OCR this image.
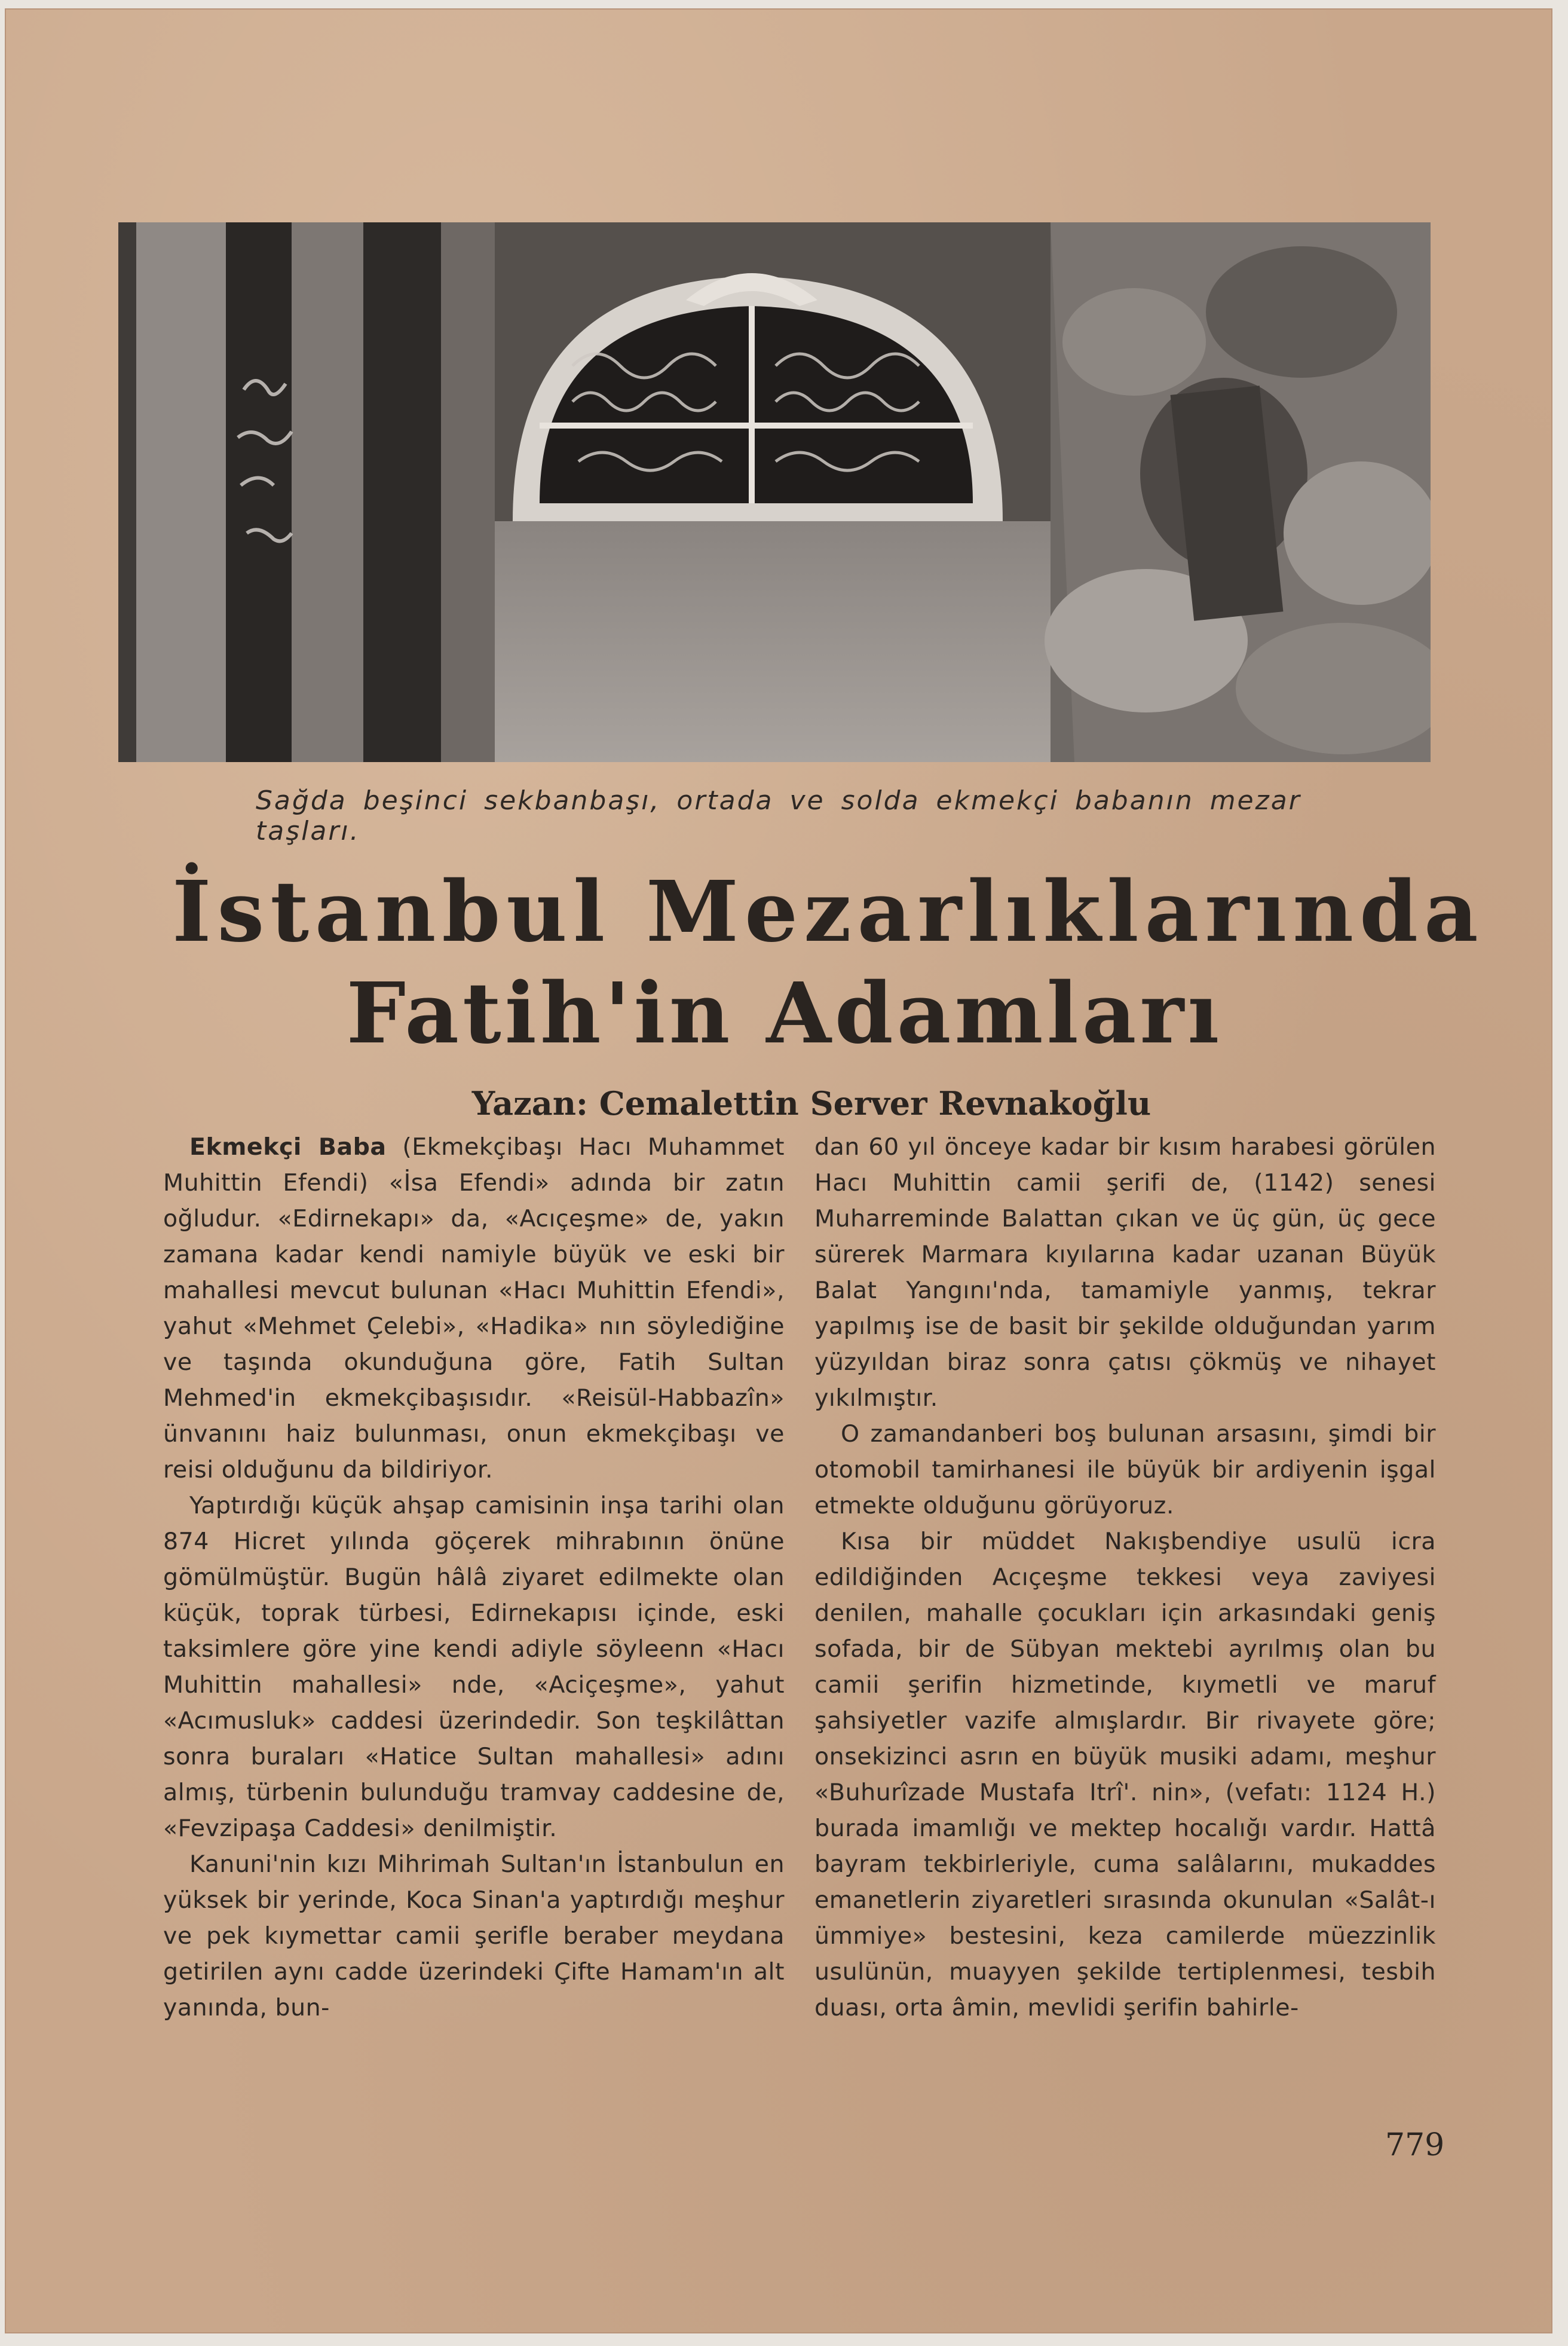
Sağda beşinci sekbanbaşı, ortada ve solda ekmekçi babanın mezar taşları.
İstanbul Mezarlıklarında
Fatih'in Adamları
Yazan: Cemalettin Server Revnakoğlu

Ekmekçi Baba (Ekmekçibaşı Hacı Muhammet Muhittin Efendi) «İsa Efendi» adında bir zatın oğludur. «Edirnekapı» da, «Acıçeşme» de, yakın zamana kadar kendi namiyle büyük ve eski bir mahallesi mevcut bulunan «Hacı Muhittin Efendi», yahut «Mehmet Çelebi», «Hadika» nın söylediğine ve taşında okunduğuna göre, Fatih Sultan Mehmed'in ekmekçibaşısıdır. «Reisül-Habbazîn» ünvanını haiz bulunması, onun ekmekçibaşı ve reisi olduğunu da bildiriyor.

Yaptırdığı küçük ahşap camisinin inşa tarihi olan 874 Hicret yılında göçerek mihrabının önüne gömülmüştür. Bugün hâlâ ziyaret edilmekte olan küçük, toprak türbesi, Edirnekapısı içinde, eski taksimlere göre yine kendi adiyle söyleenn «Hacı Muhittin mahallesi» nde, «Aciçeşme», yahut «Acımusluk» caddesi üzerindedir. Son teşkilâttan sonra buraları «Hatice Sultan mahallesi» adını almış, türbenin bulunduğu tramvay caddesine de, «Fevzipaşa Caddesi» denilmiştir.

Kanuni'nin kızı Mihrimah Sultan'ın İstanbulun en yüksek bir yerinde, Koca Sinan'a yaptırdığı meşhur ve pek kıymettar camii şerifle beraber meydana getirilen aynı cadde üzerindeki Çifte Hamam'ın alt yanında, bun-

dan 60 yıl önceye kadar bir kısım harabesi görülen Hacı Muhittin camii şerifi de, (1142) senesi Muharreminde Balattan çıkan ve üç gün, üç gece sürerek Marmara kıyılarına kadar uzanan Büyük Balat Yangını'nda, tamamiyle yanmış, tekrar yapılmış ise de basit bir şekilde olduğundan yarım yüzyıldan biraz sonra çatısı çökmüş ve nihayet yıkılmıştır.

O zamandanberi boş bulunan arsasını, şimdi bir otomobil tamirhanesi ile büyük bir ardiyenin işgal etmekte olduğunu görüyoruz.

Kısa bir müddet Nakışbendiye usulü icra edildiğinden Acıçeşme tekkesi veya zaviyesi denilen, mahalle çocukları için arkasındaki geniş sofada, bir de Sübyan mektebi ayrılmış olan bu camii şerifin hizmetinde, kıymetli ve maruf şahsiyetler vazife almışlardır. Bir rivayete göre; onsekizinci asrın en büyük musiki adamı, meşhur «Buhurîzade Mustafa Itrî'. nin», (vefatı: 1124 H.) burada imamlığı ve mektep hocalığı vardır. Hattâ bayram tekbirleriyle, cuma salâlarını, mukaddes emanetlerin ziyaretleri sırasında okunulan «Salât-ı ümmiye» bestesini, keza camilerde müezzinlik usulünün, muayyen şekilde tertiplenmesi, tesbih duası, orta âmin, mevlidi şerifin bahirle-

779
